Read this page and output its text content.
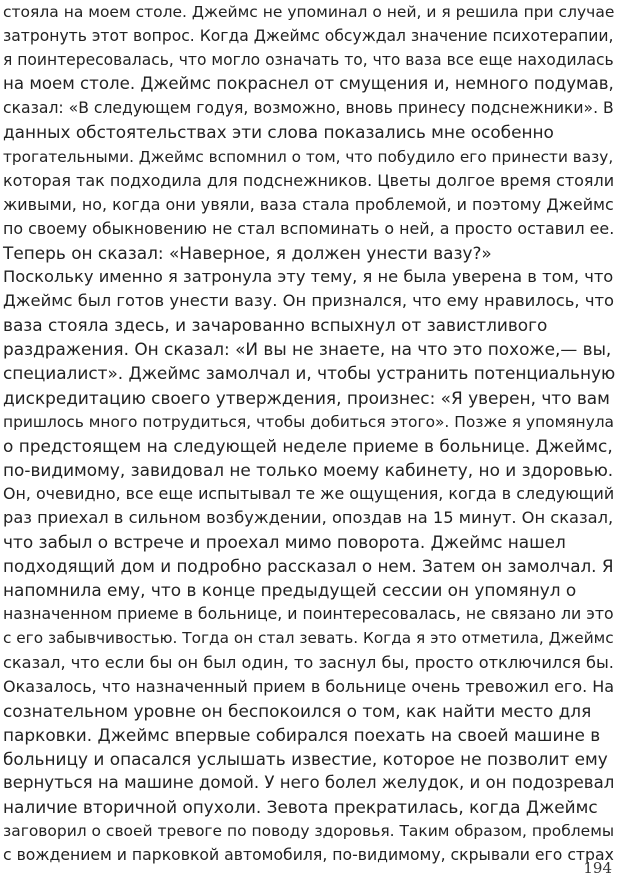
стояла на моем столе. Джеймс не упоминал о ней, и я решила при случае
затронуть этот вопрос. Когда Джеймс обсуждал значение психотерапии,
я поинтересовалась, что могло означать то, что ваза все еще находилась
на моем столе. Джеймс покраснел от смущения и, немного подумав,
сказал: «В следующем годуя, возможно, вновь принесу подснежники». В
данных обстоятельствах эти слова показались мне особенно
трогательными. Джеймс вспомнил о том, что побудило его принести вазу,
которая так подходила для подснежников. Цветы долгое время стояли
живыми, но, когда они увяли, ваза стала проблемой, и поэтому Джеймс
по своему обыкновению не стал вспоминать о ней, а просто оставил ее.
Теперь он сказал: «Наверное, я должен унести вазу?»
Поскольку именно я затронула эту тему, я не была уверена в том, что
Джеймс был готов унести вазу. Он признался, что ему нравилось, что
ваза стояла здесь, и зачарованно вспыхнул от завистливого
раздражения. Он сказал: «И вы не знаете, на что это похоже,— вы,
специалист». Джеймс замолчал и, чтобы устранить потенциальную
дискредитацию своего утверждения, произнес: «Я уверен, что вам
пришлось много потрудиться, чтобы добиться этого». Позже я упомянула
о предстоящем на следующей неделе приеме в больнице. Джеймс,
по-видимому, завидовал не только моему кабинету, но и здоровью.
Он, очевидно, все еще испытывал те же ощущения, когда в следующий
раз приехал в сильном возбуждении, опоздав на 15 минут. Он сказал,
что забыл о встрече и проехал мимо поворота. Джеймс нашел
подходящий дом и подробно рассказал о нем. Затем он замолчал. Я
напомнила ему, что в конце предыдущей сессии он упомянул о
назначенном приеме в больнице, и поинтересовалась, не связано ли это
с его забывчивостью. Тогда он стал зевать. Когда я это отметила, Джеймс
сказал, что если бы он был один, то заснул бы, просто отключился бы.
Оказалось, что назначенный прием в больнице очень тревожил его. На
сознательном уровне он беспокоился о том, как найти место для
парковки. Джеймс впервые собирался поехать на своей машине в
больницу и опасался услышать известие, которое не позволит ему
вернуться на машине домой. У него болел желудок, и он подозревал
наличие вторичной опухоли. Зевота прекратилась, когда Джеймс
заговорил о своей тревоге по поводу здоровья. Таким образом, проблемы
с вождением и парковкой автомобиля, по-видимому, скрывали его страх
194
